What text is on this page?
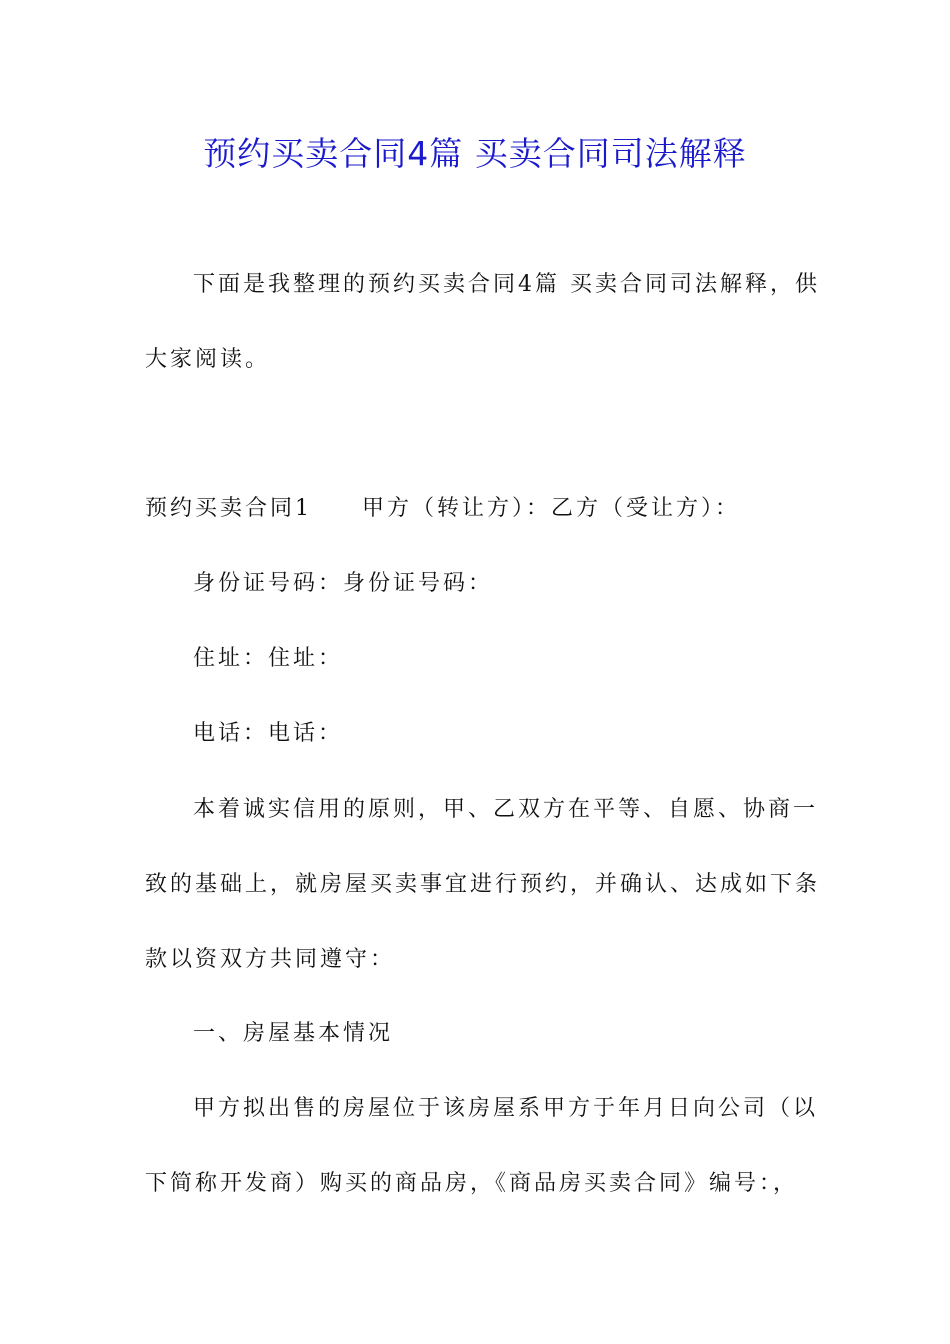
预约买卖合同4篇 买卖合同司法解释
下面是我整理的预约买卖合同4篇 买卖合同司法解释，供
大家阅读。
预约买卖合同1　　甲方（转让方）：乙方（受让方）：
身份证号码：身份证号码：
住址：住址：
电话：电话：
本着诚实信用的原则，甲、乙双方在平等、自愿、协商一
致的基础上，就房屋买卖事宜进行预约，并确认、达成如下条
款以资双方共同遵守：
一、房屋基本情况
甲方拟出售的房屋位于该房屋系甲方于年月日向公司（以
下简称开发商）购买的商品房，《商品房买卖合同》编号：，
